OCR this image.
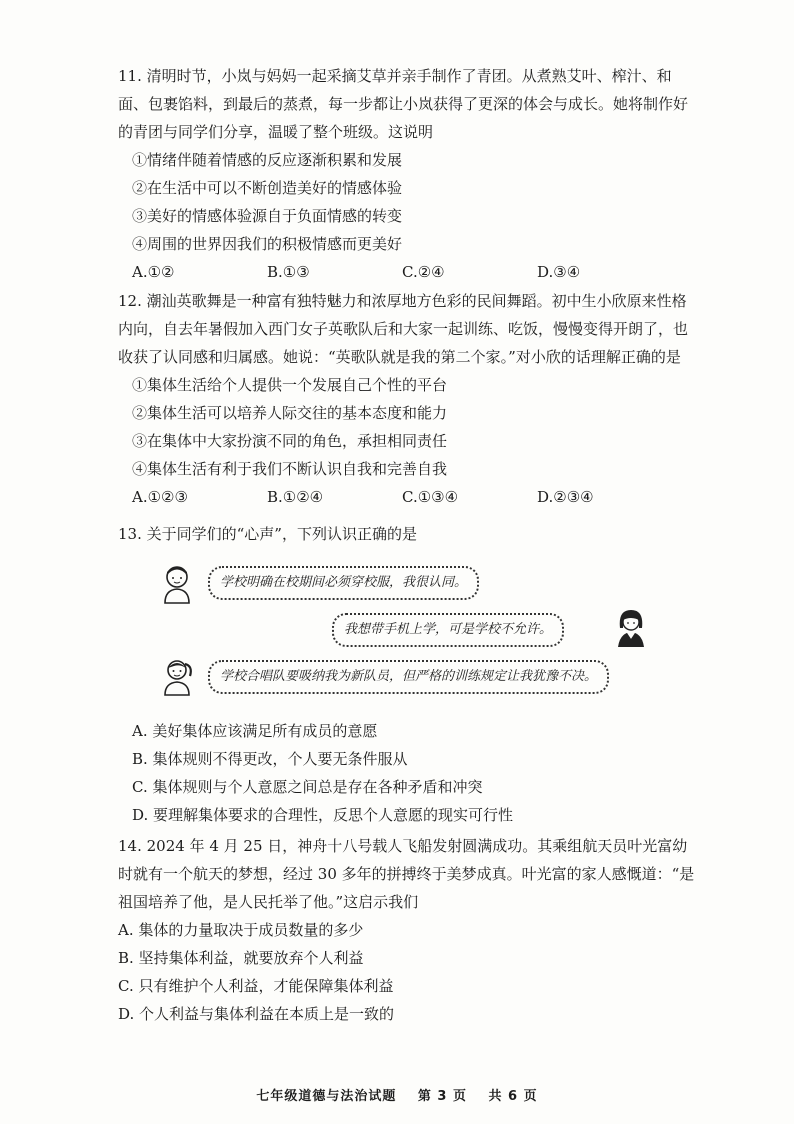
11. 清明时节，小岚与妈妈一起采摘艾草并亲手制作了青团。从煮熟艾叶、榨汁、和面、包裹馅料，到最后的蒸煮，每一步都让小岚获得了更深的体会与成长。她将制作好的青团与同学们分享，温暖了整个班级。这说明

①情绪伴随着情感的反应逐渐积累和发展

②在生活中可以不断创造美好的情感体验

③美好的情感体验源自于负面情感的转变

④周围的世界因我们的积极情感而更美好

A.①②	B.①③	C.②④	D.③④

12. 潮汕英歌舞是一种富有独特魅力和浓厚地方色彩的民间舞蹈。初中生小欣原来性格内向，自去年暑假加入西门女子英歌队后和大家一起训练、吃饭，慢慢变得开朗了，也收获了认同感和归属感。她说：“英歌队就是我的第二个家。”对小欣的话理解正确的是

①集体生活给个人提供一个发展自己个性的平台

②集体生活可以培养人际交往的基本态度和能力

③在集体中大家扮演不同的角色，承担相同责任

④集体生活有利于我们不断认识自我和完善自我

A.①②③	B.①②④	C.①③④	D.②③④

13. 关于同学们的“心声”，下列认识正确的是

学校明确在校期间必须穿校服，我很认同。
我想带手机上学，可是学校不允许。
学校合唱队要吸纳我为新队员，但严格的训练规定让我犹豫不决。

A. 美好集体应该满足所有成员的意愿

B. 集体规则不得更改，个人要无条件服从

C. 集体规则与个人意愿之间总是存在各种矛盾和冲突

D. 要理解集体要求的合理性，反思个人意愿的现实可行性

14. 2024 年 4 月 25 日，神舟十八号载人飞船发射圆满成功。其乘组航天员叶光富幼时就有一个航天的梦想，经过 30 多年的拼搏终于美梦成真。叶光富的家人感慨道：“是祖国培养了他，是人民托举了他。”这启示我们

A. 集体的力量取决于成员数量的多少

B. 坚持集体利益，就要放弃个人利益

C. 只有维护个人利益，才能保障集体利益

D. 个人利益与集体利益在本质上是一致的

七年级道德与法治试题 第 3 页 共 6 页
